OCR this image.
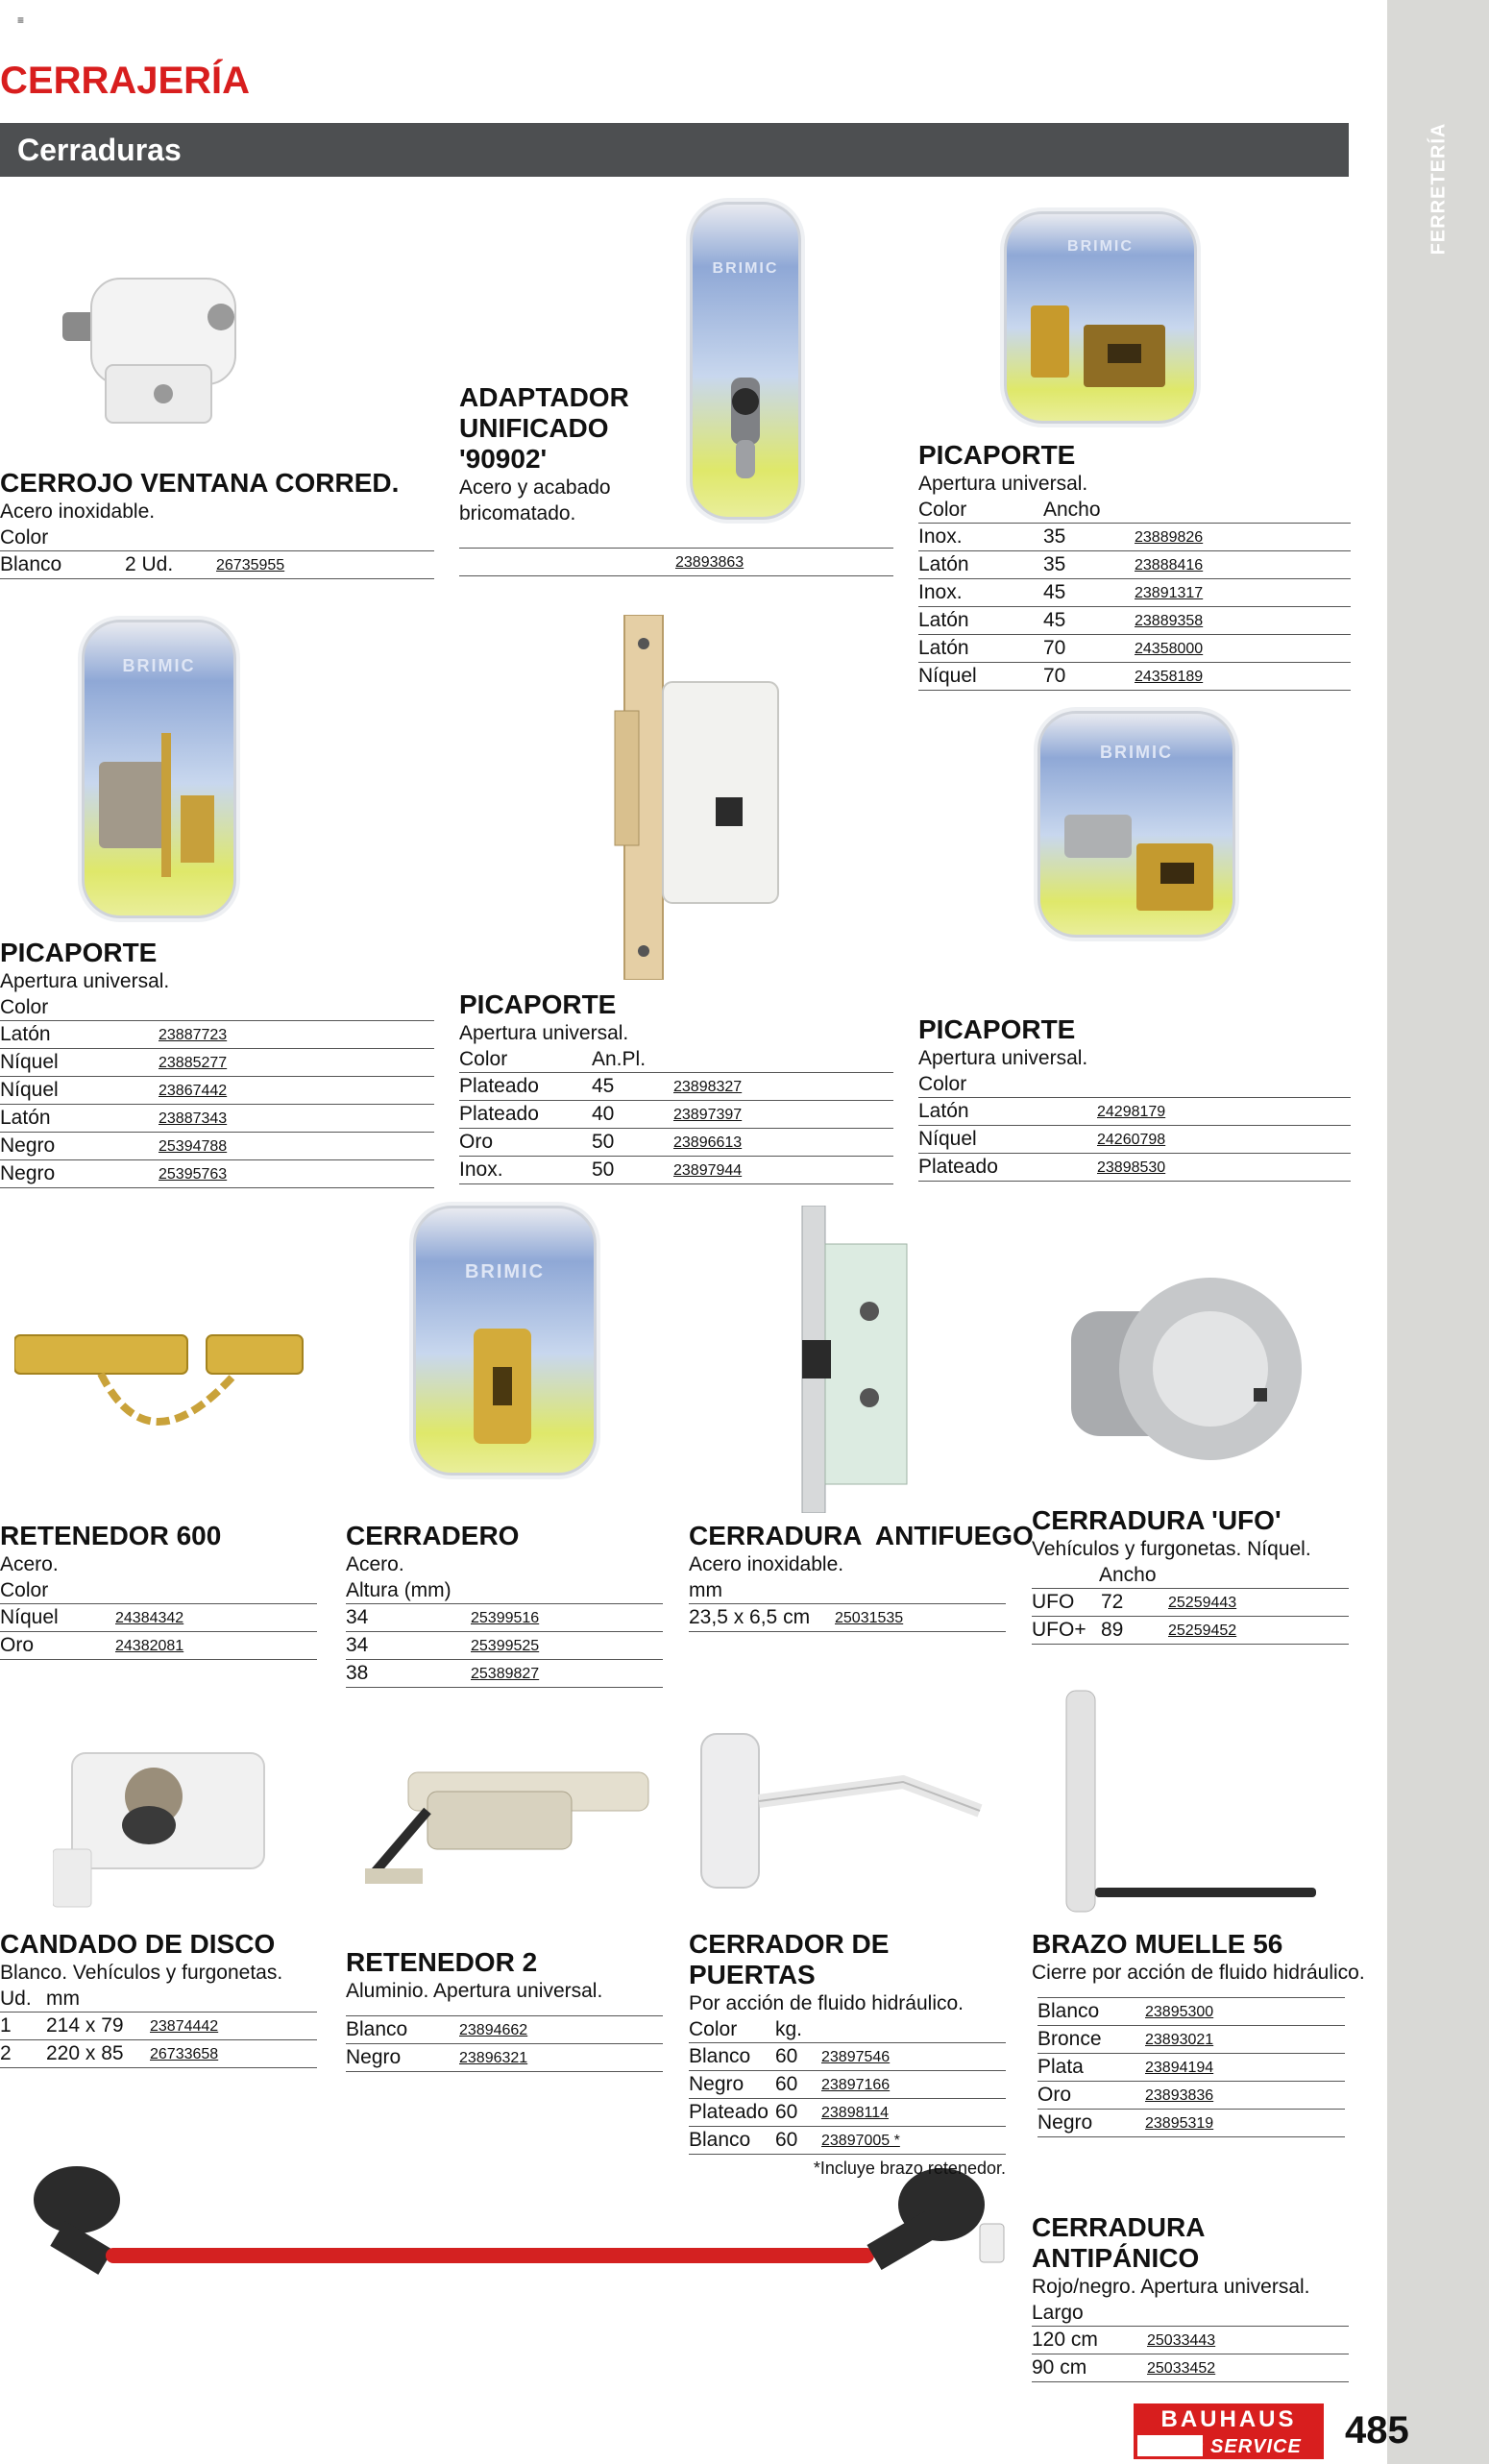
≡
CERRAJERÍA
Cerraduras	FERRETERÍA
BRIMIC
BRIMIC
BRIMIC
BRIMIC
BRIMIC
CERROJO VENTANA CORRED.
Acero inoxidable.
Color
Blanco	2 Ud.	26735955
ADAPTADOR UNIFICADO '90902'
Acero y acabado bricomatado.
	23893863
PICAPORTE
Apertura universal.
Color	Ancho
Inox.	35	23889826
Latón	35	23888416
Inox.	45	23891317
Latón	45	23889358
Latón	70	24358000
Níquel	70	24358189
PICAPORTE
Apertura universal.
Color
Latón	23887723
Níquel	23885277
Níquel	23867442
Latón	23887343
Negro	25394788
Negro	25395763
PICAPORTE
Apertura universal.
Color	An.Pl.
Plateado	45	23898327
Plateado	40	23897397
Oro	50	23896613
Inox.	50	23897944
PICAPORTE
Apertura universal.
Color
Latón	24298179
Níquel	24260798
Plateado	23898530
RETENEDOR 600
Acero.
Color
Níquel	24384342
Oro	24382081
CERRADERO
Acero.
Altura (mm)
34	25399516
34	25399525
38	25389827
CERRADURA  ANTIFUEGO
Acero inoxidable.
mm
23,5 x 6,5 cm	25031535
CERRADURA 'UFO'
Vehículos y furgonetas. Níquel.
Ancho
UFO	72	25259443
UFO+	89	25259452
CANDADO DE DISCO
Blanco. Vehículos y furgonetas.
Ud. mm
1	214 x 79	23874442
2	220 x 85	26733658
RETENEDOR 2
Aluminio. Apertura universal.
Blanco	23894662
Negro	23896321
CERRADOR DE PUERTAS
Por acción de fluido hidráulico.
Color kg.
Blanco	60	23897546
Negro	60	23897166
Plateado	60	23898114
Blanco	60	23897005 *
*Incluye brazo retenedor.
BRAZO MUELLE 56
Cierre por acción de fluido hidráulico.
Blanco	23895300
Bronce	23893021
Plata	23894194
Oro	23893836
Negro	23895319
CERRADURA ANTIPÁNICO
Rojo/negro. Apertura universal.
Largo
120 cm	25033443
90 cm	25033452
BAUHAUS
PRO SERVICE 485
